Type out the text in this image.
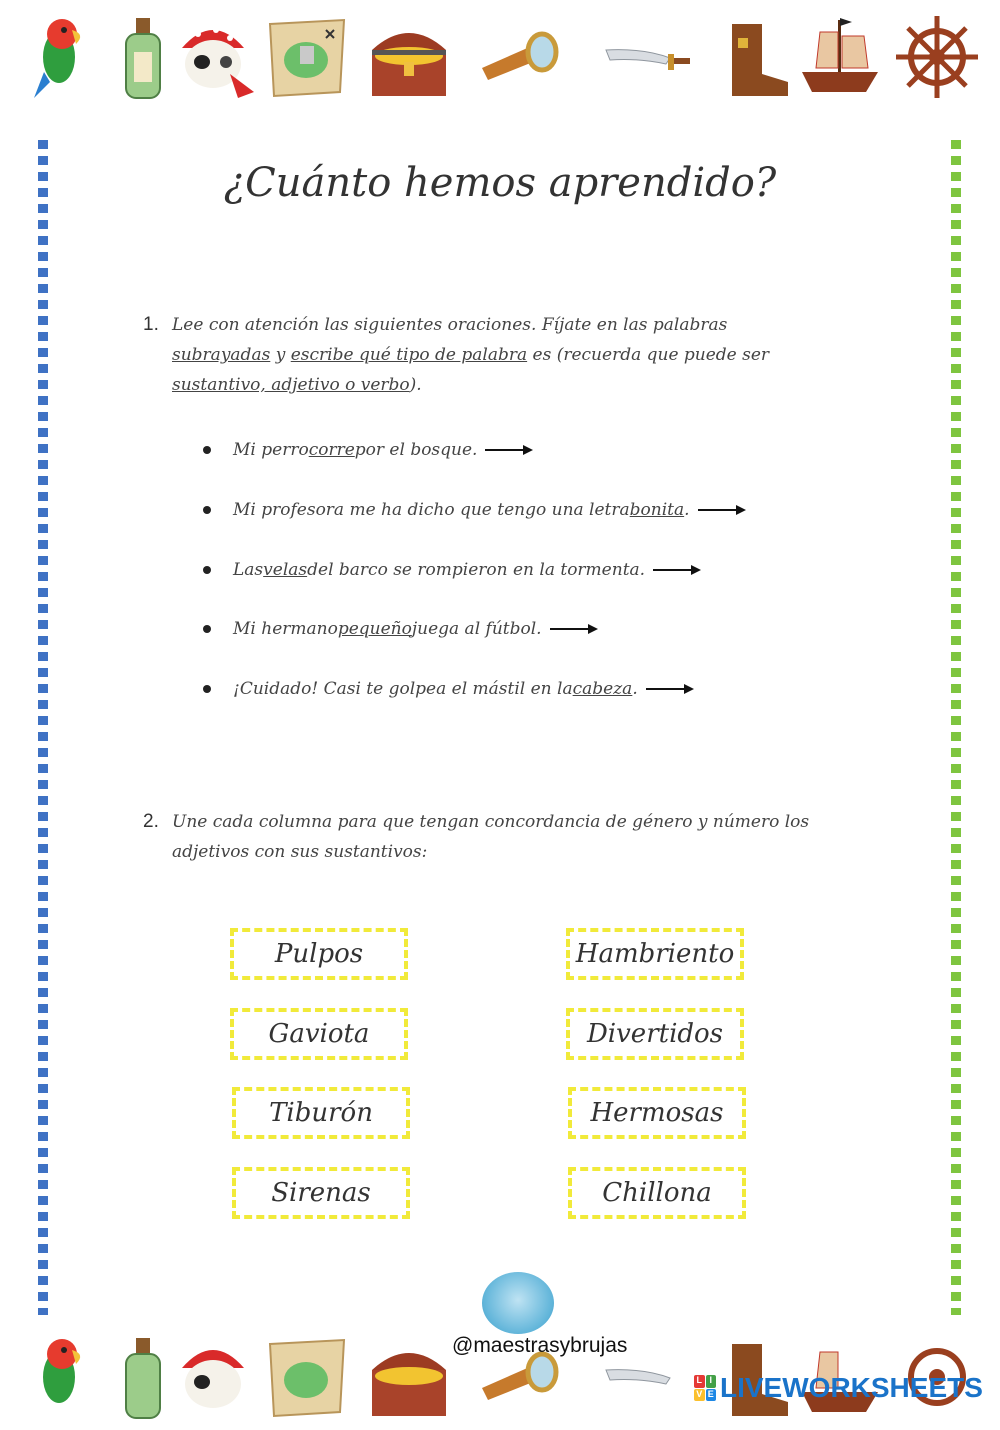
¿Cuánto hemos aprendido?
1. Lee con atención las siguientes oraciones. Fíjate en las palabras
subrayadas y escribe qué tipo de palabra es (recuerda que puede ser
sustantivo, adjetivo o verbo).
Mi perro corre por el bosque.
Mi profesora me ha dicho que tengo una letra bonita .
Las velas del barco se rompieron en la tormenta.
Mi hermano pequeño juega al fútbol.
¡Cuidado! Casi te golpea el mástil en la cabeza .
2. Une cada columna para que tengan concordancia de género y número los adjetivos con sus sustantivos:
Pulpos
Gaviota
Tiburón
Sirenas
Hambriento
Divertidos
Hermosas
Chillona
@maestrasybrujas
L I
V E LIVEWORKSHEETS
